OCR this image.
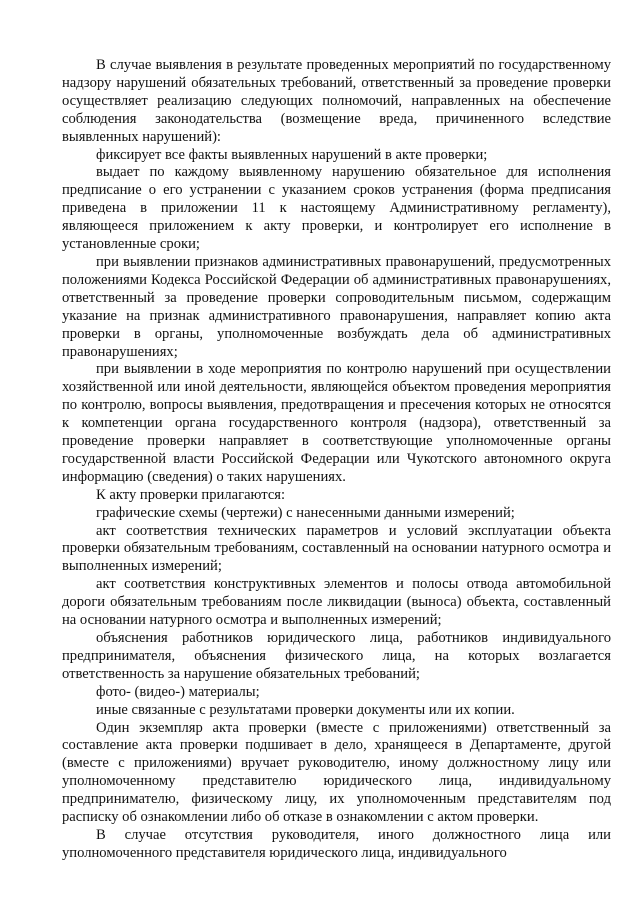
В случае выявления в результате проведенных мероприятий по государственному надзору нарушений обязательных требований, ответственный за проведение проверки осуществляет реализацию следующих полномочий, направленных на обеспечение соблюдения законодательства (возмещение вреда, причиненного вследствие выявленных нарушений):

фиксирует все факты выявленных нарушений в акте проверки;

выдает по каждому выявленному нарушению обязательное для исполнения предписание о его устранении с указанием сроков устранения (форма предписания приведена в приложении 11 к настоящему Административному регламенту), являющееся приложением к акту проверки, и контролирует его исполнение в установленные сроки;

при выявлении признаков административных правонарушений, предусмотренных положениями Кодекса Российской Федерации об административных правонарушениях, ответственный за проведение проверки сопроводительным письмом, содержащим указание на признак административного правонарушения, направляет копию акта проверки в органы, уполномоченные возбуждать дела об административных правонарушениях;

при выявлении в ходе мероприятия по контролю нарушений при осуществлении хозяйственной или иной деятельности, являющейся объектом проведения мероприятия по контролю, вопросы выявления, предотвращения и пресечения которых не относятся к компетенции органа государственного контроля (надзора), ответственный за проведение проверки направляет в соответствующие уполномоченные органы государственной власти Российской Федерации или Чукотского автономного округа информацию (сведения) о таких нарушениях.

К акту проверки прилагаются:

графические схемы (чертежи) с нанесенными данными измерений;

акт соответствия технических параметров и условий эксплуатации объекта проверки обязательным требованиям, составленный на основании натурного осмотра и выполненных измерений;

акт соответствия конструктивных элементов и полосы отвода автомобильной дороги обязательным требованиям после ликвидации (выноса) объекта, составленный на основании натурного осмотра и выполненных измерений;

объяснения работников юридического лица, работников индивидуального предпринимателя, объяснения физического лица, на которых возлагается ответственность за нарушение обязательных требований;

фото- (видео-) материалы;

иные связанные с результатами проверки документы или их копии.

Один экземпляр акта проверки (вместе с приложениями) ответственный за составление акта проверки подшивает в дело, хранящееся в Департаменте, другой (вместе с приложениями) вручает руководителю, иному должностному лицу или уполномоченному представителю юридического лица, индивидуальному предпринимателю, физическому лицу, их уполномоченным представителям под расписку об ознакомлении либо об отказе в ознакомлении с актом проверки.

В случае отсутствия руководителя, иного должностного лица или уполномоченного представителя юридического лица, индивидуального
